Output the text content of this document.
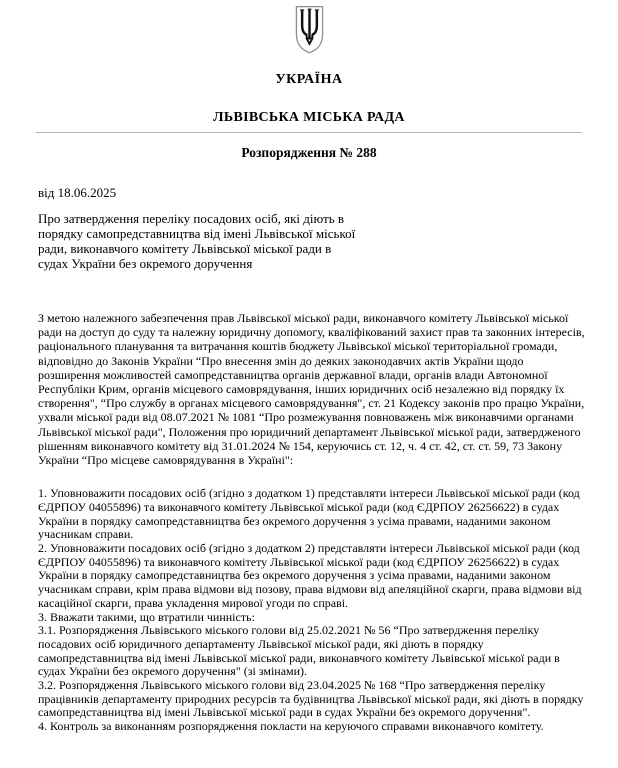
УКРАЇНА
ЛЬВІВСЬКА МІСЬКА РАДА
Розпорядження № 288
від 18.06.2025
Про затвердження переліку посадових осіб, які діють в порядку самопредставництва від імені Львівської міської ради, виконавчого комітету Львівської міської ради в судах України без окремого доручення
З метою належного забезпечення прав Львівської міської ради, виконавчого комітету Львівської міської ради на доступ до суду та належну юридичну допомогу, кваліфікований захист прав та законних інтересів, раціонального планування та витрачання коштів бюджету Львівської міської територіальної громади, відповідно до Законів України “Про внесення змін до деяких законодавчих актів України щодо розширення можливостей самопредставництва органів державної влади, органів влади Автономної Республіки Крим, органів місцевого самоврядування, інших юридичних осіб незалежно від порядку їх створення", “Про службу в органах місцевого самоврядування", ст. 21 Кодексу законів про працю України, ухвали міської ради від 08.07.2021 № 1081 “Про розмежування повноважень між виконавчими органами Львівської міської ради", Положення про юридичний департамент Львівської міської ради, затвердженого рішенням виконавчого комітету від 31.01.2024 № 154, керуючись ст. 12, ч. 4 ст. 42, ст. ст. 59, 73 Закону України “Про місцеве самоврядування в Україні":

1. Уповноважити посадових осіб (згідно з додатком 1) представляти інтереси Львівської міської ради (код ЄДРПОУ 04055896) та виконавчого комітету Львівської міської ради (код ЄДРПОУ 26256622) в судах України в порядку самопредставництва без окремого доручення з усіма правами, наданими законом учасникам справи.

2. Уповноважити посадових осіб (згідно з додатком 2) представляти інтереси Львівської міської ради (код ЄДРПОУ 04055896) та виконавчого комітету Львівської міської ради (код ЄДРПОУ 26256622) в судах України в порядку самопредставництва без окремого доручення з усіма правами, наданими законом учасникам справи, крім права відмови від позову, права відмови від апеляційної скарги, права відмови від касаційної скарги, права укладення мирової угоди по справі.

3. Вважати такими, що втратили чинність:

3.1. Розпорядження Львівського міського голови від 25.02.2021 № 56 “Про затвердження переліку посадових осіб юридичного департаменту Львівської міської ради, які діють в порядку самопредставництва від імені Львівської міської ради, виконавчого комітету Львівської міської ради в судах України без окремого доручення" (зі змінами).

3.2. Розпорядження Львівського міського голови від 23.04.2025 № 168 “Про затвердження переліку працівників департаменту природних ресурсів та будівництва Львівської міської ради, які діють в порядку самопредставництва від імені Львівської міської ради в судах України без окремого доручення".

4. Контроль за виконанням розпорядження покласти на керуючого справами виконавчого комітету.
